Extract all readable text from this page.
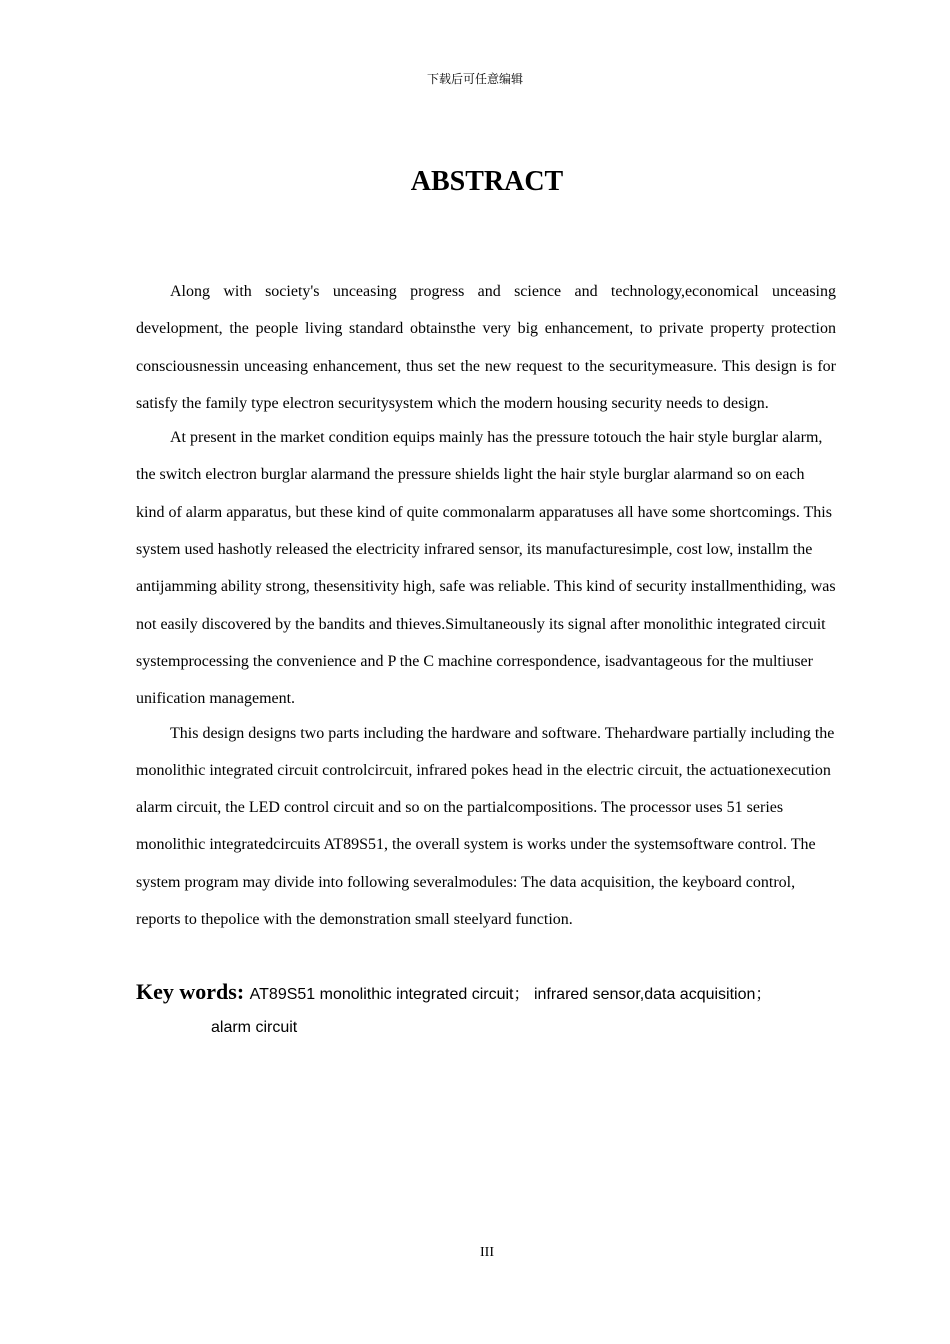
下载后可任意编辑
ABSTRACT

Along with society's unceasing progress and science and technology,economical unceasing development, the people living standard obtainsthe very big enhancement, to private property protection consciousnessin unceasing enhancement, thus set the new request to the securitymeasure. This design is for satisfy the family type electron securitysystem which the modern housing security needs to design.

At present in the market condition equips mainly has the pressure totouch the hair style burglar alarm, the switch electron burglar alarmand the pressure shields light the hair style burglar alarmand so on each kind of alarm apparatus, but these kind of quite commonalarm apparatuses all have some shortcomings. This system used hashotly released the electricity infrared sensor, its manufacturesimple, cost low, installm the antijamming ability strong, thesensitivity high, safe was reliable. This kind of security installmenthiding, was not easily discovered by the bandits and thieves.Simultaneously its signal after monolithic integrated circuit systemprocessing the convenience and P the C machine correspondence, isadvantageous for the multiuser unification management.

This design designs two parts including the hardware and software. Thehardware partially including the monolithic integrated circuit controlcircuit, infrared pokes head in the electric circuit, the actuationexecution alarm circuit, the LED control circuit and so on the partialcompositions. The processor uses 51 series monolithic integratedcircuits AT89S51, the overall system is works under the systemsoftware control. The system program may divide into following severalmodules: The data acquisition, the keyboard control, reports to thepolice with the demonstration small steelyard function.

Key words: AT89S51 monolithic integrated circuit； infrared sensor,data acquisition；
alarm circuit
III
